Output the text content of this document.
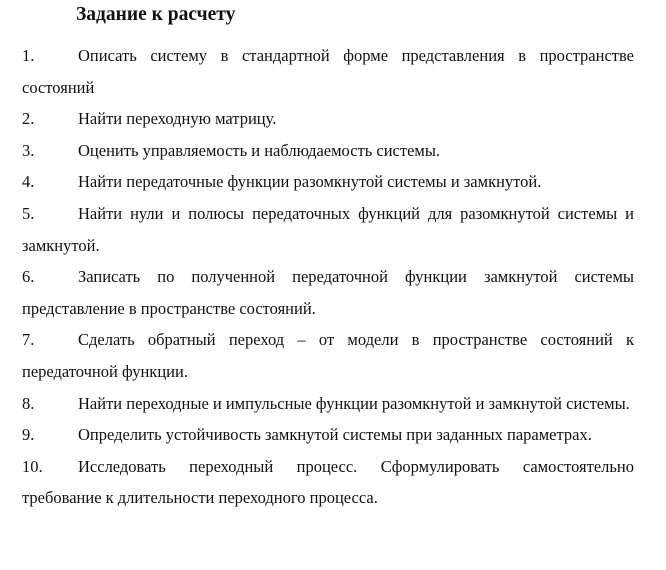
Задание к расчету

1.	Описать систему в стандартной форме представления в пространстве состояний

2.	Найти переходную матрицу.

3.	Оценить управляемость и наблюдаемость системы.

4.	Найти передаточные функции разомкнутой системы и замкнутой.

5.	Найти нули и полюсы передаточных функций для разомкнутой системы и замкнутой.

6.	Записать по полученной передаточной функции замкнутой системы представление в пространстве состояний.

7.	Сделать обратный переход – от модели в пространстве состояний к передаточной функции.

8.	Найти переходные и импульсные функции разомкнутой и замкнутой системы.

9.	Определить устойчивость замкнутой системы при заданных параметрах.

10. Исследовать переходный процесс. Сформулировать самостоятельно требование к длительности переходного процесса.
